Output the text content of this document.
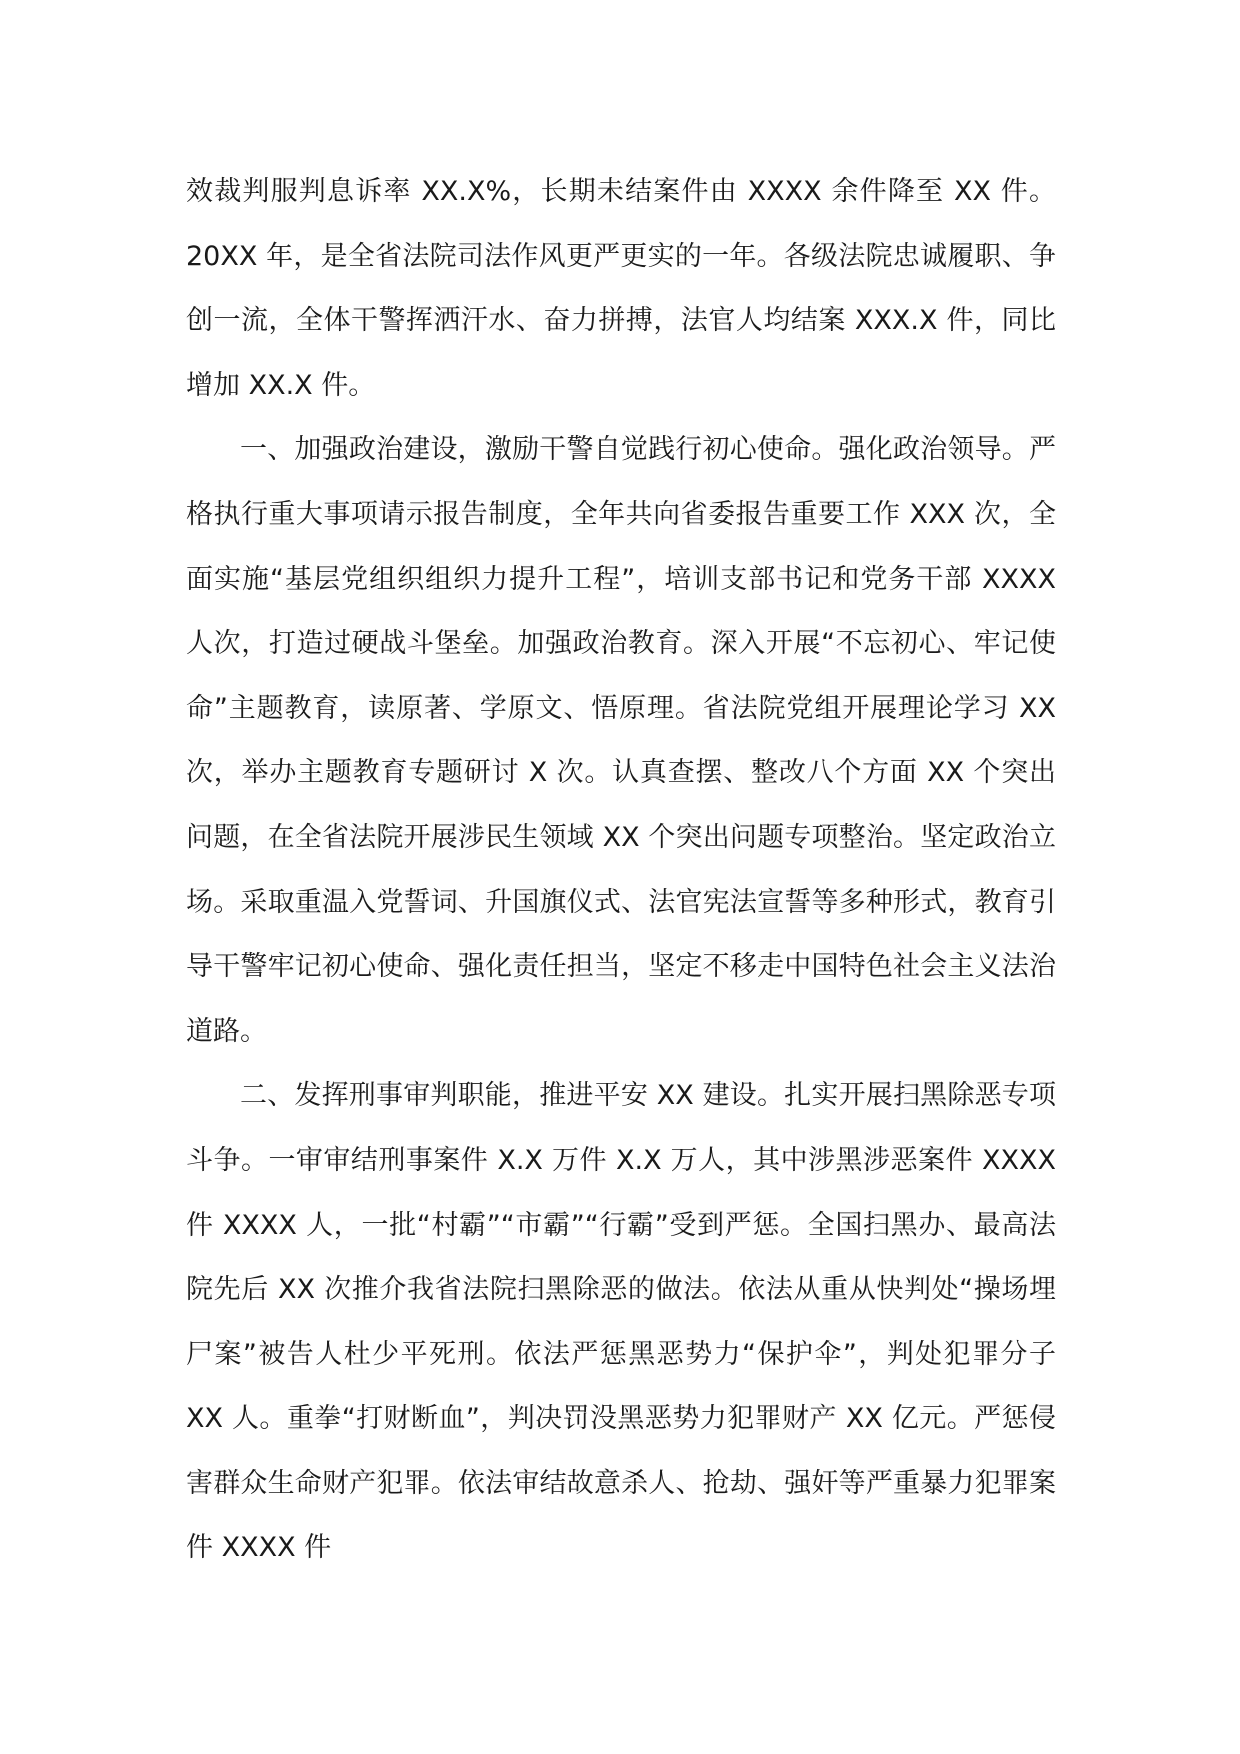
效裁判服判息诉率 XX.X%，长期未结案件由 XXXX 余件降至 XX 件。20XX 年，是全省法院司法作风更严更实的一年。各级法院忠诚履职、争创一流，全体干警挥洒汗水、奋力拼搏，法官人均结案 XXX.X 件，同比增加 XX.X 件。

一、加强政治建设，激励干警自觉践行初心使命。强化政治领导。严格执行重大事项请示报告制度，全年共向省委报告重要工作 XXX 次，全面实施“基层党组织组织力提升工程”，培训支部书记和党务干部 XXXX 人次，打造过硬战斗堡垒。加强政治教育。深入开展“不忘初心、牢记使命”主题教育，读原著、学原文、悟原理。省法院党组开展理论学习 XX 次，举办主题教育专题研讨 X 次。认真查摆、整改八个方面 XX 个突出问题，在全省法院开展涉民生领域 XX 个突出问题专项整治。坚定政治立场。采取重温入党誓词、升国旗仪式、法官宪法宣誓等多种形式，教育引导干警牢记初心使命、强化责任担当，坚定不移走中国特色社会主义法治道路。

二、发挥刑事审判职能，推进平安 XX 建设。扎实开展扫黑除恶专项斗争。一审审结刑事案件 X.X 万件 X.X 万人，其中涉黑涉恶案件 XXXX 件 XXXX 人，一批“村霸”“市霸”“行霸”受到严惩。全国扫黑办、最高法院先后 XX 次推介我省法院扫黑除恶的做法。依法从重从快判处“操场埋尸案”被告人杜少平死刑。依法严惩黑恶势力“保护伞”，判处犯罪分子 XX 人。重拳“打财断血”，判决罚没黑恶势力犯罪财产 XX 亿元。严惩侵害群众生命财产犯罪。依法审结故意杀人、抢劫、强奸等严重暴力犯罪案件 XXXX 件
